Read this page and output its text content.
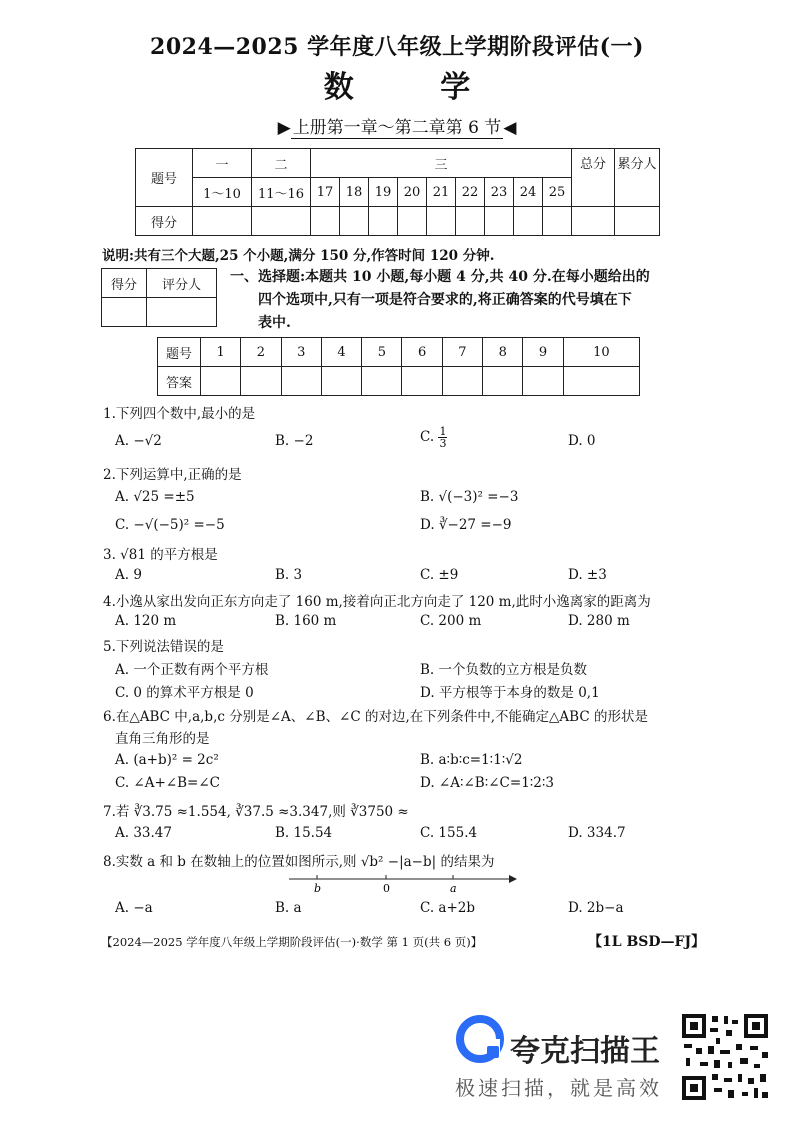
2024—2025 学年度八年级上学期阶段评估(一)
数 学
▶ 上册第一章～第二章第 6 节 ◀
题号	一	二	三									总分	累分人
	1～10	11～16	17	18	19	20	21	22	23	24	25		
得分													
说明:共有三个大题,25 个小题,满分 150 分,作答时间 120 分钟.
得分	评分人
	一、选择题:本题共 10 小题,每小题 4 分,共 40 分.在每小题给出的
四个选项中,只有一项是符合要求的,将正确答案的代号填在下
表中.
题号	1	2	3	4	5	6	7	8	9	10
答案										
1.下列四个数中,最小的是
A. −√2	B. −2	C. $\frac{1}{3}$	D. 0
2.下列运算中,正确的是
A. √25 =±5	B. √(−3)² =−3
C. −√(−5)² =−5	D. ∛−27 =−9
3. √81 的平方根是
A. 9	B. 3	C. ±9	D. ±3
4.小逸从家出发向正东方向走了 160 m,接着向正北方向走了 120 m,此时小逸离家的距离为
A. 120 m	B. 160 m	C. 200 m	D. 280 m
5.下列说法错误的是
A. 一个正数有两个平方根	B. 一个负数的立方根是负数
C. 0 的算术平方根是 0	D. 平方根等于本身的数是 0,1
6.在△ABC 中,a,b,c 分别是∠A、∠B、∠C 的对边,在下列条件中,不能确定△ABC 的形状是
直角三角形的是
A. (a+b)² = 2c²	B. a∶b∶c=1∶1∶√2
C. ∠A+∠B=∠C	D. ∠A∶∠B∶∠C=1∶2∶3
7.若 ∛3.75 ≈1.554, ∛37.5 ≈3.347,则 ∛3750 ≈
A. 33.47	B. 15.54	C. 155.4	D. 334.7
8.实数 a 和 b 在数轴上的位置如图所示,则 √b² −|a−b| 的结果为
b	0	a
A. −a	B. a	C. a+2b	D. 2b−a
【2024—2025 学年度八年级上学期阶段评估(一)·数学 第 1 页(共 6 页)】	【1L BSD—FJ】
夸克扫描王
极速扫描，就是高效
